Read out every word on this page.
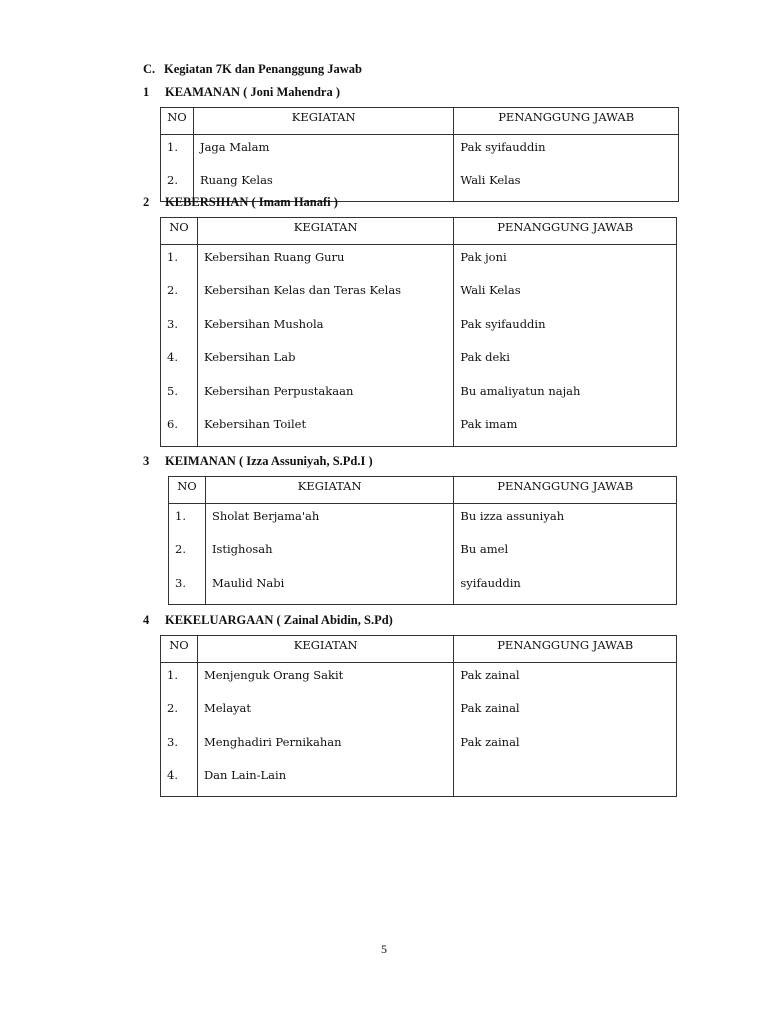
C. Kegiatan 7K dan Penanggung Jawab
1 KEAMANAN ( Joni Mahendra )
NO	KEGIATAN	PENANGGUNG JAWAB
1.	Jaga Malam	Pak syifauddin
2.	Ruang Kelas	Wali Kelas
2 KEBERSIHAN ( Imam Hanafi )
NO	KEGIATAN	PENANGGUNG JAWAB
1.	Kebersihan Ruang Guru	Pak joni
2.	Kebersihan Kelas dan Teras Kelas	Wali Kelas
3.	Kebersihan Mushola	Pak syifauddin
4.	Kebersihan Lab	Pak deki
5.	Kebersihan Perpustakaan	Bu amaliyatun najah
6.	Kebersihan Toilet	Pak imam
3 KEIMANAN ( Izza Assuniyah, S.Pd.I )
NO	KEGIATAN	PENANGGUNG JAWAB
1.	Sholat Berjama'ah	Bu izza assuniyah
2.	Istighosah	Bu amel
3.	Maulid Nabi	syifauddin
4 KEKELUARGAAN ( Zainal Abidin, S.Pd)
NO	KEGIATAN	PENANGGUNG JAWAB
1.	Menjenguk Orang Sakit	Pak zainal
2.	Melayat	Pak zainal
3.	Menghadiri Pernikahan	Pak zainal
4.	Dan Lain-Lain	
5
